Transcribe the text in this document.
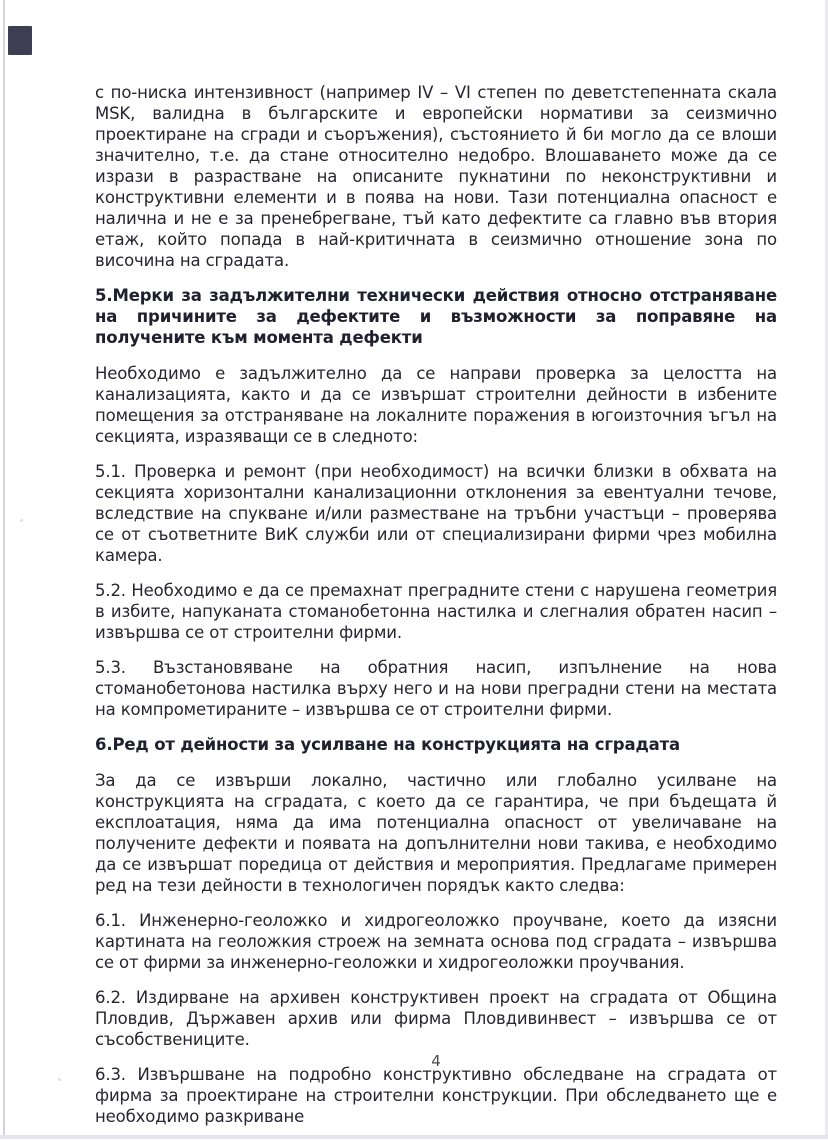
с по-ниска интензивност (например IV – VI степен по деветстепенната скала MSK, валидна в българските и европейски нормативи за сеизмично проектиране на сгради и съоръжения), състоянието й би могло да се влоши значително, т.е. да стане относително недобро. Влошаването може да се изрази в разрастване на описаните пукнатини по неконструктивни и конструктивни елементи и в поява на нови. Тази потенциална опасност е налична и не е за пренебрегване, тъй като дефектите са главно във втория етаж, който попада в най-критичната в сеизмично отношение зона по височина на сградата.

5.Мерки за задължителни технически действия относно отстраняване на причините за дефектите и възможности за поправяне на получените към момента дефекти

Необходимо е задължително да се направи проверка за целостта на канализацията, както и да се извършат строителни дейности в избените помещения за отстраняване на локалните поражения в югоизточния ъгъл на секцията, изразяващи се в следното:

5.1. Проверка и ремонт (при необходимост) на всички близки в обхвата на секцията хоризонтални канализационни отклонения за евентуални течове, вследствие на спукване и/или разместване на тръбни участъци – проверява се от съответните ВиК служби или от специализирани фирми чрез мобилна камера.

5.2. Необходимо е да се премахнат преградните стени с нарушена геометрия в избите, напуканата стоманобетонна настилка и слегналия обратен насип – извършва се от строителни фирми.

5.3. Възстановяване на обратния насип, изпълнение на нова стоманобетонова настилка върху него и на нови преградни стени на местата на компрометираните – извършва се от строителни фирми.

6.Ред от дейности за усилване на конструкцията на сградата

За да се извърши локално, частично или глобално усилване на конструкцията на сградата, с което да се гарантира, че при бъдещата й експлоатация, няма да има потенциална опасност от увеличаване на получените дефекти и появата на допълнителни нови такива, е необходимо да се извършат поредица от действия и мероприятия. Предлагаме примерен ред на тези дейности в технологичен порядък както следва:

6.1. Инженерно-геоложко и хидрогеоложко проучване, което да изясни картината на геоложкия строеж на земната основа под сградата – извършва се от фирми за инженерно-геоложки и хидрогеоложки проучвания.

6.2. Издирване на архивен конструктивен проект на сградата от Община Пловдив, Държавен архив или фирма Пловдивинвест – извършва се от съсобствениците.

6.3. Извършване на подробно конструктивно обследване на сградата от фирма за проектиране на строителни конструкции. При обследването ще е необходимо разкриване

4
